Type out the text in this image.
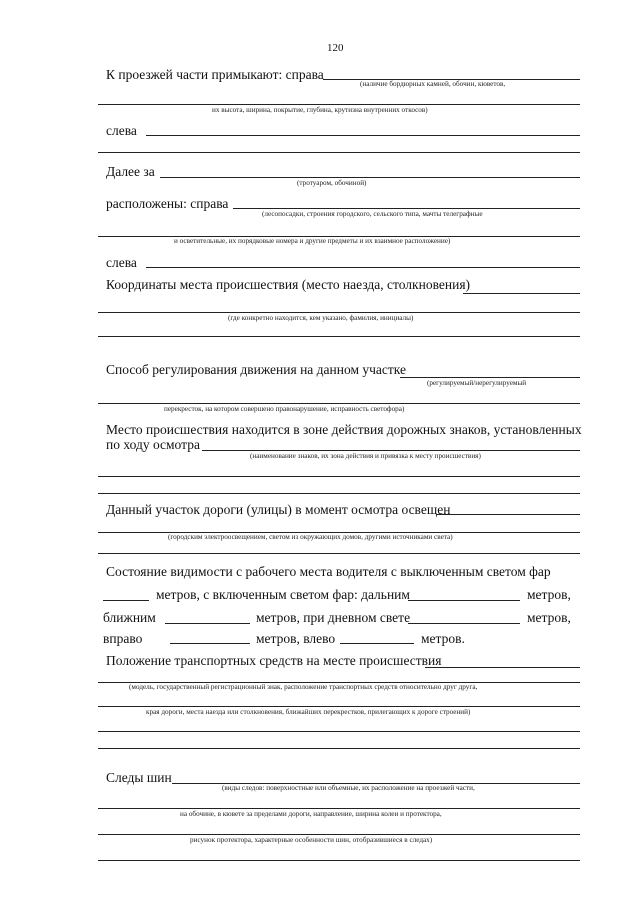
120
К проезжей части примыкают: справа
(наличие бордюрных камней, обочин, кюветов,
их высота, ширина, покрытие, глубина, крутизна внутренних откосов)
слева
Далее за
(тротуаром, обочиной)
расположены: справа
(лесопосадки, строения городского, сельского типа, мачты телеграфные
и осветительные, их порядковые номера и другие предметы и их взаимное расположение)
слева
Координаты места происшествия (место наезда, столкновения)
(где конкретно находится, кем указано, фамилия, инициалы)
Способ регулирования движения на данном участке
(регулируемый/нерегулируемый
перекресток, на котором совершено правонарушение, исправность светофора)
Место происшествия находится в зоне действия дорожных знаков, установленных
по ходу осмотра
(наименование знаков, их зона действия и привязка к месту происшествия)
Данный участок дороги (улицы) в момент осмотра освещен
(городским электроосвещением, светом из окружающих домов, другими источниками света)
Состояние видимости с рабочего места водителя с выключенным светом фар
метров, с включенным светом фар: дальним	метров,
ближним	метров, при дневном свете	метров,
вправо	метров, влево	метров.
Положение транспортных средств на месте происшествия
(модель, государственный регистрационный знак, расположение транспортных средств относительно друг друга,
края дороги, места наезда или столкновения, ближайших перекрестков, прилегающих к дороге строений)
Следы шин
(виды следов: поверхностные или объемные, их расположение на проезжей части,
на обочине, в кювете за пределами дороги, направление, ширина колеи и протектора,
рисунок протектора, характерные особенности шин, отобразившиеся в следах)
